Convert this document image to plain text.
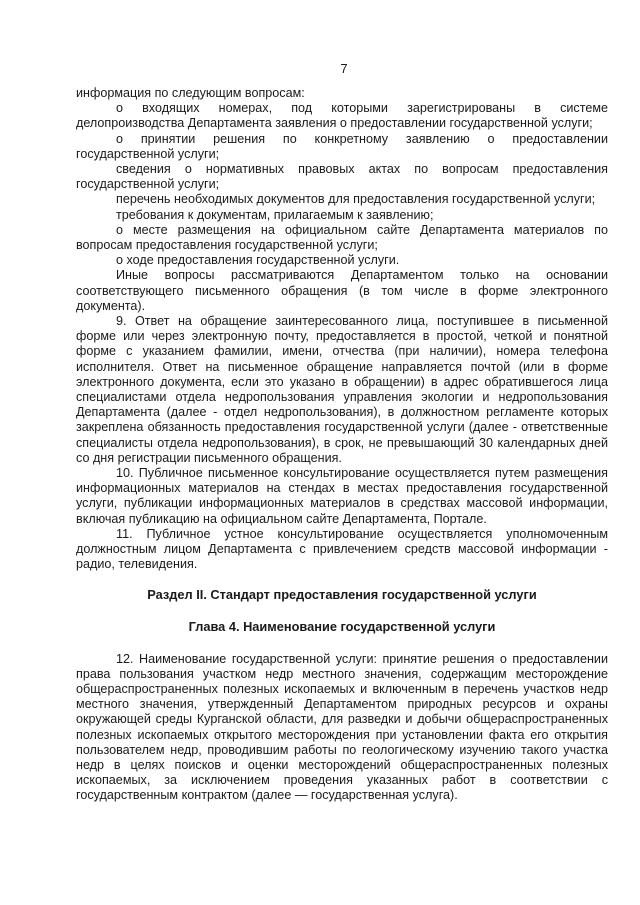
7

информация по следующим вопросам:

о входящих номерах, под которыми зарегистрированы в системе делопроизводства Департамента заявления о предоставлении государственной услуги;

о принятии решения по конкретному заявлению о предоставлении государственной услуги;

сведения о нормативных правовых актах по вопросам предоставления государственной услуги;

перечень необходимых документов для предоставления государственной услуги;

требования к документам, прилагаемым к заявлению;

о месте размещения на официальном сайте Департамента материалов по вопросам предоставления государственной услуги;

о ходе предоставления государственной услуги.

Иные вопросы рассматриваются Департаментом только на основании соответствующего письменного обращения (в том числе в форме электронного документа).

9. Ответ на обращение заинтересованного лица, поступившее в письменной форме или через электронную почту, предоставляется в простой, четкой и понятной форме с указанием фамилии, имени, отчества (при наличии), номера телефона исполнителя. Ответ на письменное обращение направляется почтой (или в форме электронного документа, если это указано в обращении) в адрес обратившегося лица специалистами отдела недропользования управления экологии и недропользования Департамента (далее - отдел недропользования), в должностном регламенте которых закреплена обязанность предоставления государственной услуги (далее - ответственные специалисты отдела недропользования), в срок, не превышающий 30 календарных дней со дня регистрации письменного обращения.

10. Публичное письменное консультирование осуществляется путем размещения информационных материалов на стендах в местах предоставления государственной услуги, публикации информационных материалов в средствах массовой информации, включая публикацию на официальном сайте Департамента, Портале.

11. Публичное устное консультирование осуществляется уполномоченным должностным лицом Департамента с привлечением средств массовой информации - радио, телевидения.

Раздел II. Стандарт предоставления государственной услуги
Глава 4. Наименование государственной услуги

12. Наименование государственной услуги: принятие решения о предоставлении права пользования участком недр местного значения, содержащим месторождение общераспространенных полезных ископаемых и включенным в перечень участков недр местного значения, утвержденный Департаментом природных ресурсов и охраны окружающей среды Курганской области, для разведки и добычи общераспространенных полезных ископаемых открытого месторождения при установлении факта его открытия пользователем недр, проводившим работы по геологическому изучению такого участка недр в целях поисков и оценки месторождений общераспространенных полезных ископаемых, за исключением проведения указанных работ в соответствии с государственным контрактом (далее — государственная услуга).
